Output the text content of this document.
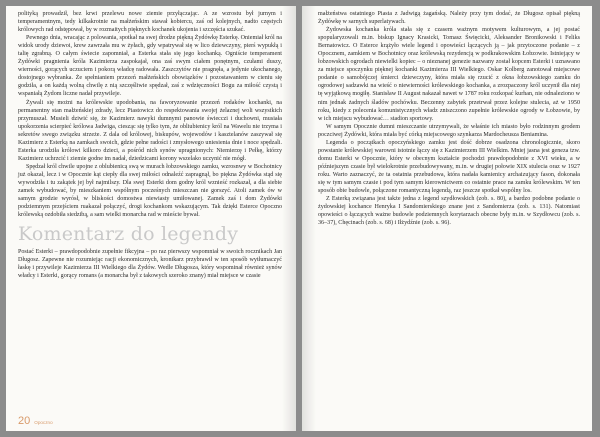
polityką prowadził, bez krwi przelewu nowe ziemie przyłączając. A ze wzrostu był jurnym i temperamentnym, tedy kilkakrotnie na małżeńskim stawał kobiercu, zaś od kolejnych, nadto częstych królowych rad odstępował, by w rozmaitych pięknych kochanek ukojenia i szczęścia szukać.

Pewnego dnia, wracając z polowania, spotkał na swej drodze piękną Żydówkę Esterkę. Oniemiał król na widok urody dziewoi, krew zawrzała mu w żyłach, gdy wpatrywał się w lico dziewczyny, pierś wypukłą i talię zgrabną. O całym świecie zapomniał, a Esterka stała się jego kochanką. Ogniście temperament Żydówki pragnienia króla Kazimierza zaspokajał, ona zaś swym ciałem ponętnym, czułami duszy, wierności, gorących uczuciem i pokorą władcę radowała. Zaszczytów nie pragnęła, a jedynie ukochanego, dostojnego wybranka. Że spełnianiem przezeń małżeńskich obowiązków i pozostawaniem w cieniu się godziła, a on każdą wolną chwilę z nią szczęśliwie spędzał, zaś z wdzięczności Bogu za miłość czystą i wspaniałą Żydom liczne nadał przywileje.

Żywali się możni na królewskie upodobania, na faworyzowanie przezeń rodaków kochanki, na permanentny stan małżeńskiej zdrady, lecz Piastowicz do respektowania swojej żelaznej woli wszystkich przymuszał. Musieli dziwić się, że Kazimierz nawyki dumnymi panowie świecczi i duchowni, musiała upokorzenia scierpieć królowa Jadwiga, ciesząc się tylko tym, że obliubienicy król na Wawelu nie trzyma i sekretów swego związku strzeże. Z dala od królowej, biskupów, wojewodów i kasztelanów zaszywał się Kazimierz z Esterką na zamkach swoich, gdzie pełne radości i zmysłowego uniesienia dnie i noce spędzali. Esterka urodziła królowi kilkoro dzieci, a pośród nich synów upragnionych: Niemierzę i Pełkę, którzy Kazimierz uchrzcić i ziemie godne im nadał, dziedzicami korony wszelako uczynić nie mógł.

Spędzał król chwile upojne z oblubienicą swą w murach łobzowskiego zamku, wzrosnwy w Bochotnicy już okazał, lecz i w Opocznie kąt ciepły dla swej miłości odnaleźć zapragnął, bo piękna Żydówka stąd się wywodziła i tu zakątek jej był najmilszy. Dla swej Esterki dom godny król wznieść rozkazał, a dla siebie zamek wybudować, by mieszkaniem wspólnym pocześnych mieszczan nie gorszyć. Atoli zamek ów w samym grodzie wyrósł, w bliskości domostwa niewiasty umiłowanej. Zamek zaś i dom Żydówki podziemnym przejściem ruakazał połączyć, drogi kochankom wskazującym. Tak dzięki Esterce Opoczno królewską ozdobiła siedzibą, a sam wielki monarcha rad w mieście bywał.

Komentarz do legendy

Postać Esterki – prawdopodobnie zupełnie fikcyjna – po raz pierwszy wspomniał w swoich rocznikach Jan Długosz. Zapewne nie rozumiejąc racji ekonomicznych, kronikarz przybrawił w ten sposób wytłumaczyć łaskę i przywileje Kazimierza III Wielkiego dla Żydów. Wedle Długosza, który wspominał również synów władcy i Esterki, gorący romans (a monarcha był z takowych szeroko znany) miał miejsce w czasie

20 Opoczno

małżeństwa ostatniego Piasta z Jadwigą żagańską. Należy przy tym dodać, że Długosz opisał piękną Żydówkę w sarnych superlatywach.

Żydowska kochanka króla stała się z czasem ważnym motywem kulturowym, a jej postać spopularyzowali m.in. biskup Ignacy Krasicki, Tomasz Święcicki, Aleksander Bronikowski i Feliks Bernatowicz. O Esterce krążyło wiele legend i opowieści łączących ją – jak przytoczone podanie – z Opocznem, zamkiem w Bochotnicy oraz królewską rezydencją w podkrakowskim Łobzowie. Istniejący w łobzowskich ogrodach niewielki kopiec – o nieznanej genezie nazwany został kopcem Esterki i uznawano za miejsce spoczynku pięknej kochanki Kazimierza III Wielkiego. Oskar Kolberg zanotował miejscowe podanie o samobójczej śmierci dziewczyny, która miała się rzucić z okna łobzowskiego zamku do ogrodowej sadzawki na wieść o niewierności królewskiego kochanka, a zrozpaczony król uczynił dla niej tę wyjątkową mogiłę. Stanisław II August nakazał nawet w 1787 roku rozkopać kurhan, nie odnaleziono w nim jednak żadnych śladów pochówku. Beczenny zabytek przetrwał przez kolejne stulecia, aż w 1950 roku, kiedy z polecenia komunistycznych władz zniszczono zupełnie królewskie ogrody w Łobzowie, by w ich miejscu wybudować… stadion sportowy.

W samym Opocznie dumni mieszczanie utrzymywali, że właśnie ich miasto było rodzinnym grodem poczciwej Żydówki, która miała być córką miejscowego szynkarza Mardocheusza Beniamina.

Legenda o początkach opoczyńskiego zamku jest dość dobrze osadzona chronologicznie, skoro powstanie królewskiej warowni istotnie łączy się z Kazimierzem III Wielkim. Mniej jasna jest geneza tzw. domu Esterki w Opocznie, który w obecnym kształcie pochodzi prawdopodobnie z XVI wieku, a w późniejszym czasie był wielokrotnie przebudowywany, m.in. w drugiej połowie XIX stulecia oraz w 1927 roku. Warto zaznaczyć, że ta ostatnia przebudowa, która nadała kamienicy archaizujący fason, dokonała się w tym samym czasie i pod tym samym kierownictwem co ostatnie prace na zamku królewskim. W ten sposób obie budowle, połączone romantyczną legendą, raz jeszcze spotkał wspólny los.

Z Esterką związana jest także jedna z legend szydłowskich (zob. s. 80), a bardzo podobne podanie o żydowskiej kochance Henryka I Sandomierskiego znane jest z Sandomierza (zob. s. 131). Natomiast opowieści o łączących ważne budowle podziemnych korytarzach obecne były m.in. w Szydłowcu (zob. s. 36–37), Chęcinach (zob. s. 68) i Iłżydźnie (zob. s. 96).
